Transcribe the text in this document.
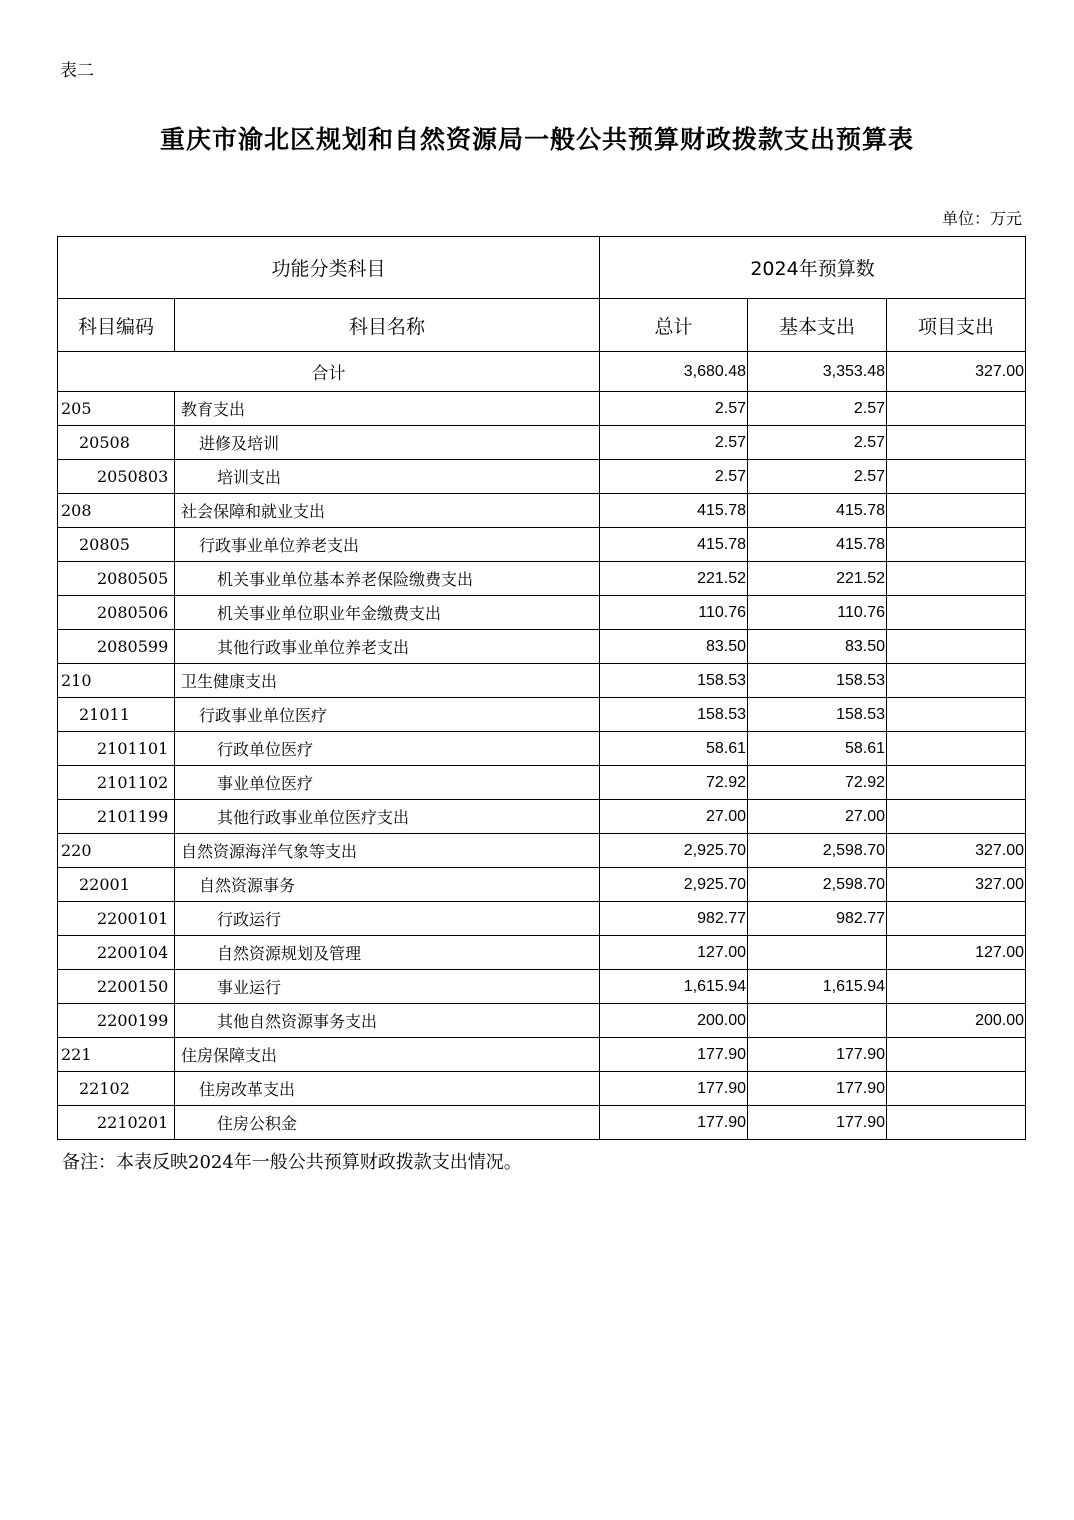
表二
重庆市渝北区规划和自然资源局一般公共预算财政拨款支出预算表
单位：万元
功能分类科目		2024年预算数		
科目编码	科目名称	总计	基本支出	项目支出
合计		3,680.48	3,353.48	327.00
205	教育支出	2.57	2.57	
20508	进修及培训	2.57	2.57	
2050803	培训支出	2.57	2.57	
208	社会保障和就业支出	415.78	415.78	
20805	行政事业单位养老支出	415.78	415.78	
2080505	机关事业单位基本养老保险缴费支出	221.52	221.52	
2080506	机关事业单位职业年金缴费支出	110.76	110.76	
2080599	其他行政事业单位养老支出	83.50	83.50	
210	卫生健康支出	158.53	158.53	
21011	行政事业单位医疗	158.53	158.53	
2101101	行政单位医疗	58.61	58.61	
2101102	事业单位医疗	72.92	72.92	
2101199	其他行政事业单位医疗支出	27.00	27.00	
220	自然资源海洋气象等支出	2,925.70	2,598.70	327.00
22001	自然资源事务	2,925.70	2,598.70	327.00
2200101	行政运行	982.77	982.77	
2200104	自然资源规划及管理	127.00		127.00
2200150	事业运行	1,615.94	1,615.94	
2200199	其他自然资源事务支出	200.00		200.00
221	住房保障支出	177.90	177.90	
22102	住房改革支出	177.90	177.90	
2210201	住房公积金	177.90	177.90	
备注：本表反映2024年一般公共预算财政拨款支出情况。
